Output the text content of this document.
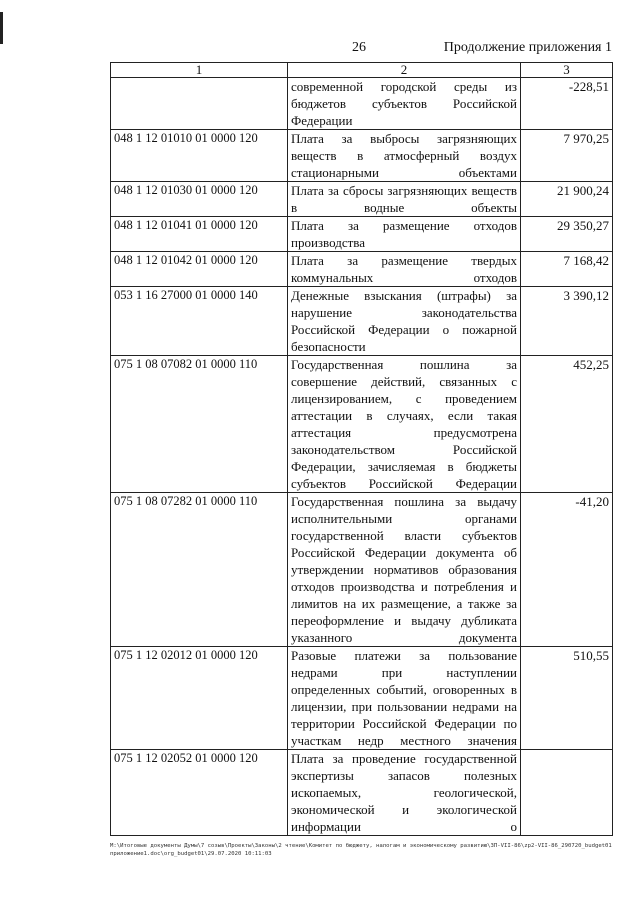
26	Продолжение приложения 1
1	2	3
	современной городской среды из бюджетов субъектов Российской Федерации	-228,51
048 1 12 01010 01 0000 120	Плата за выбросы загрязняющих веществ в атмосферный воздух стационарными объектами	7 970,25
048 1 12 01030 01 0000 120	Плата за сбросы загрязняющих веществ в водные объекты	21 900,24
048 1 12 01041 01 0000 120	Плата за размещение отходов производства	29 350,27
048 1 12 01042 01 0000 120	Плата за размещение твердых коммунальных отходов	7 168,42
053 1 16 27000 01 0000 140	Денежные взыскания (штрафы) за нарушение законодательства Российской Федерации о пожарной безопасности	3 390,12
075 1 08 07082 01 0000 110	Государственная пошлина за совершение действий, связанных с лицензированием, с проведением аттестации в случаях, если такая аттестация предусмотрена законодательством Российской Федерации, зачисляемая в бюджеты субъектов Российской Федерации	452,25
075 1 08 07282 01 0000 110	Государственная пошлина за выдачу исполнительными органами государственной власти субъектов Российской Федерации документа об утверждении нормативов образования отходов производства и потребления и лимитов на их размещение, а также за переоформление и выдачу дубликата указанного документа	-41,20
075 1 12 02012 01 0000 120	Разовые платежи за пользование недрами при наступлении определенных событий, оговоренных в лицензии, при пользовании недрами на территории Российской Федерации по участкам недр местного значения	510,55
075 1 12 02052 01 0000 120	Плата за проведение государственной экспертизы запасов полезных ископаемых, геологической, экономической и экологической информации о	
M:\Итоговые документы Думы\7 созыв\Проекты\Законы\2 чтение\Комитет по бюджету, налогам и экономическому развитию\ЗП-VII-86\zp2-VII-86_290720_budget01приложение1.doc\org_budget01\29.07.2020 10:11:03
